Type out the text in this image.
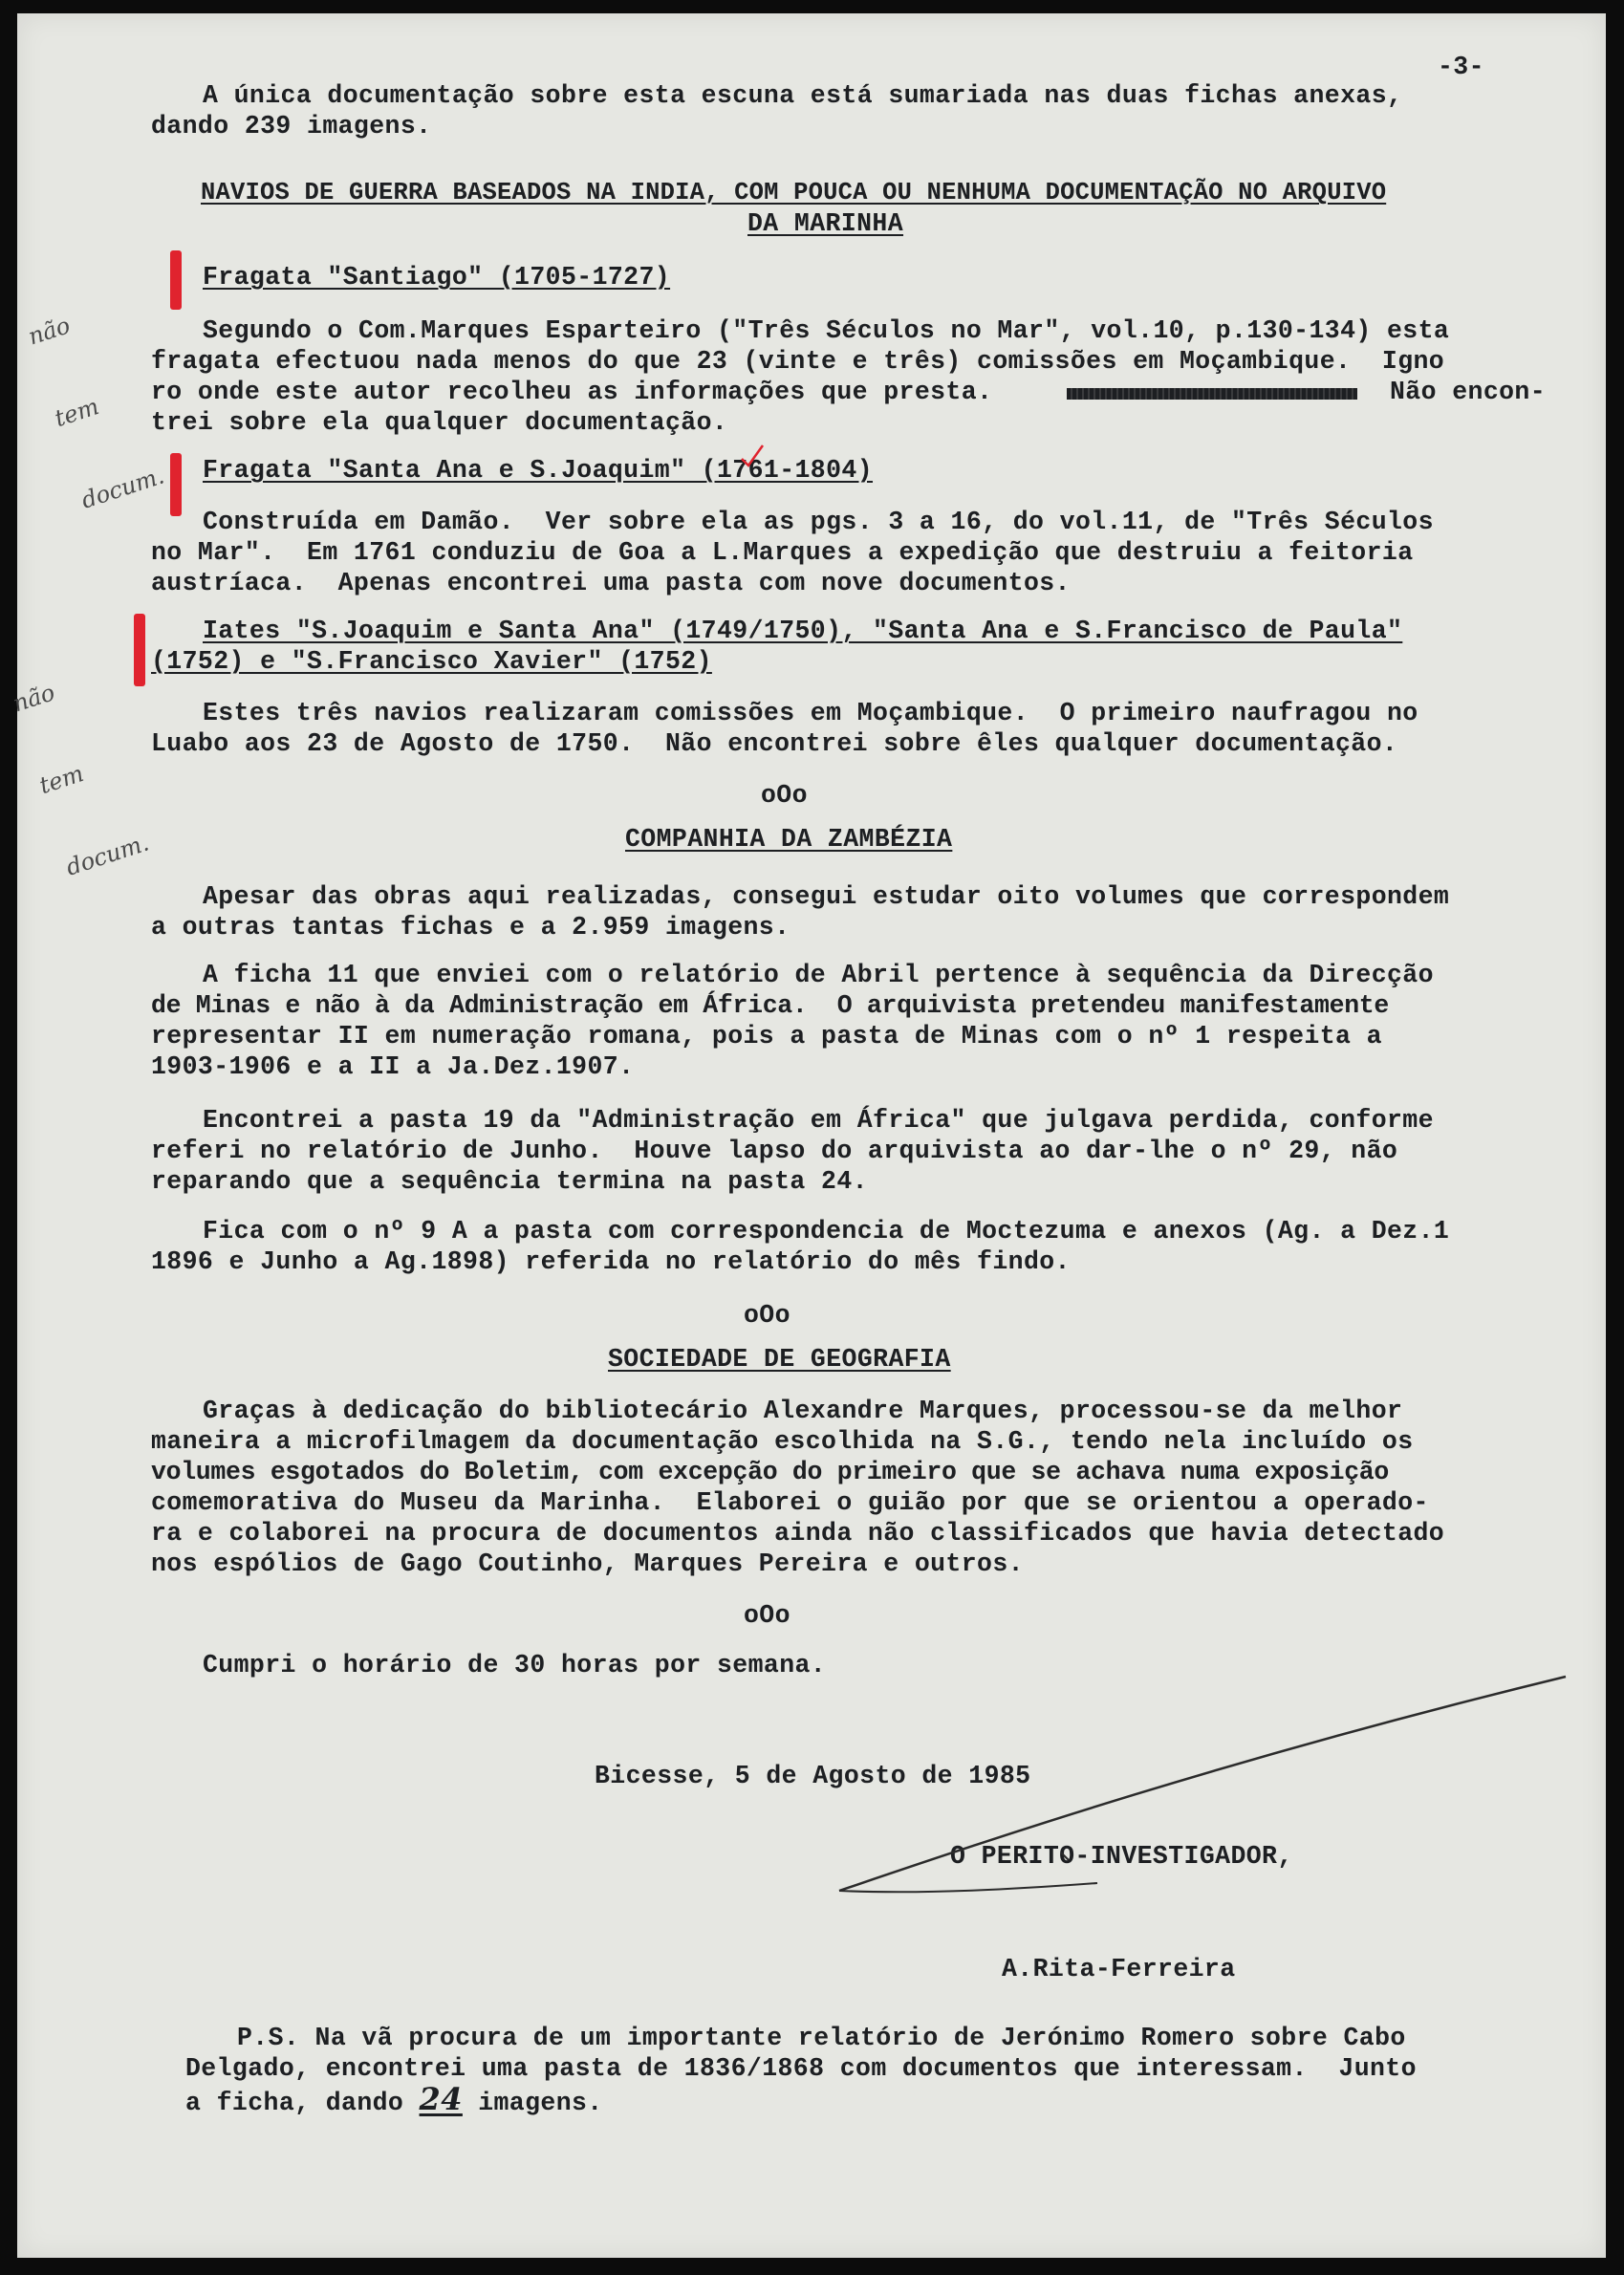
-3-

A única documentação sobre esta escuna está sumariada nas duas fichas anexas,

dando 239 imagens.

NAVIOS DE GUERRA BASEADOS NA INDIA, COM POUCA OU NENHUMA DOCUMENTAÇÃO NO ARQUIVO

DA MARINHA

não

tem

docum.

não

tem

docum.

Fragata "Santiago" (1705-1727)

Segundo o Com.Marques Esparteiro ("Três Séculos no Mar", vol.10, p.130-134) esta

fragata efectuou nada menos do que 23 (vinte e três) comissões em Moçambique.  Igno

ro onde este autor recolheu as informações que presta.	Não encon-

trei sobre ela qualquer documentação.

Fragata "Santa Ana e S.Joaquim" (1761-1804)

Construída em Damão.  Ver sobre ela as pgs. 3 a 16, do vol.11, de "Três Séculos

no Mar".  Em 1761 conduziu de Goa a L.Marques a expedição que destruiu a feitoria

austríaca.  Apenas encontrei uma pasta com nove documentos.

Iates "S.Joaquim e Santa Ana" (1749/1750), "Santa Ana e S.Francisco de Paula"

(1752) e "S.Francisco Xavier" (1752)

Estes três navios realizaram comissões em Moçambique.  O primeiro naufragou no

Luabo aos 23 de Agosto de 1750.  Não encontrei sobre êles qualquer documentação.

oOo

COMPANHIA DA ZAMBÉZIA

Apesar das obras aqui realizadas, consegui estudar oito volumes que correspondem

a outras tantas fichas e a 2.959 imagens.

A ficha 11 que enviei com o relatório de Abril pertence à sequência da Direcção

de Minas e não à da Administração em África.  O arquivista pretendeu manifestamente

representar II em numeração romana, pois a pasta de Minas com o nº 1 respeita a

1903-1906 e a II a Ja.Dez.1907.

Encontrei a pasta 19 da "Administração em África" que julgava perdida, conforme

referi no relatório de Junho.  Houve lapso do arquivista ao dar-lhe o nº 29, não

reparando que a sequência termina na pasta 24.

Fica com o nº 9 A a pasta com correspondencia de Moctezuma e anexos (Ag. a Dez.1

1896 e Junho a Ag.1898) referida no relatório do mês findo.

oOo

SOCIEDADE DE GEOGRAFIA

Graças à dedicação do bibliotecário Alexandre Marques, processou-se da melhor

maneira a microfilmagem da documentação escolhida na S.G., tendo nela incluído os

volumes esgotados do Boletim, com excepção do primeiro que se achava numa exposição

comemorativa do Museu da Marinha.  Elaborei o guião por que se orientou a operado-

ra e colaborei na procura de documentos ainda não classificados que havia detectado

nos espólios de Gago Coutinho, Marques Pereira e outros.

oOo

Cumpri o horário de 30 horas por semana.

Bicesse, 5 de Agosto de 1985

O PERITO-INVESTIGADOR,

A.Rita-Ferreira

P.S. Na vã procura de um importante relatório de Jerónimo Romero sobre Cabo

Delgado, encontrei uma pasta de 1836/1868 com documentos que interessam.  Junto

a ficha, dando 24 imagens.
